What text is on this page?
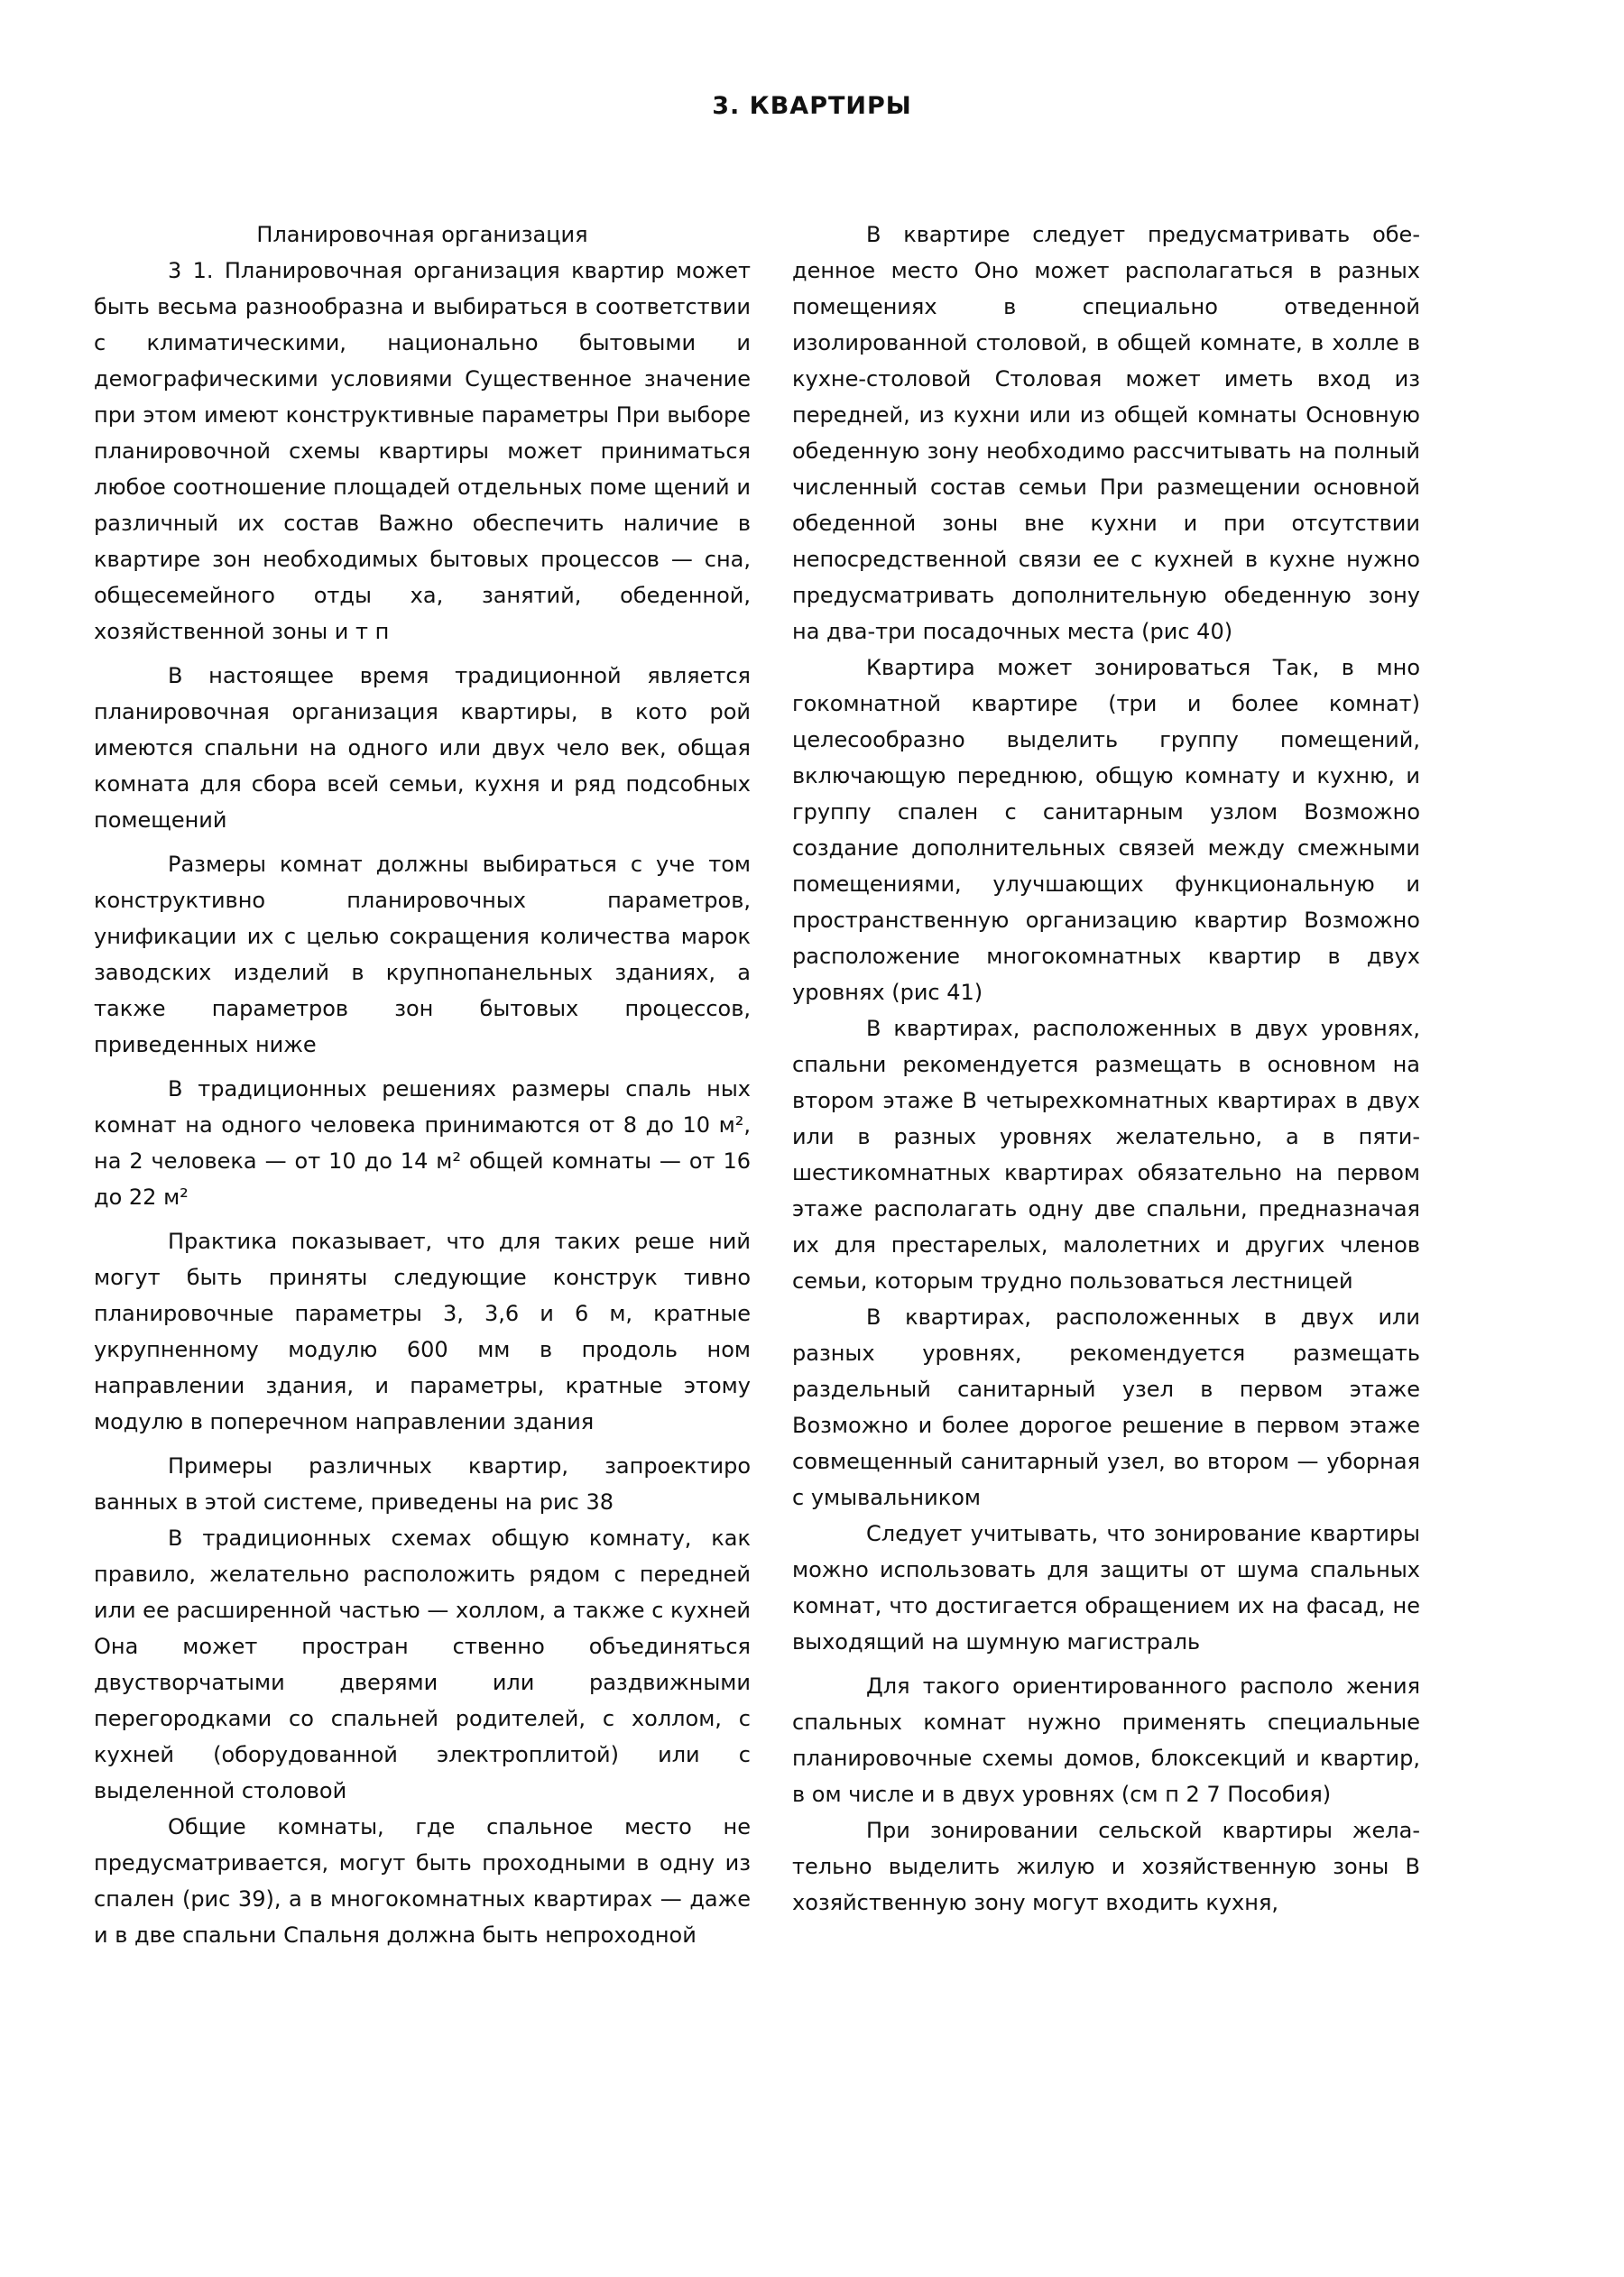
3. КВАРТИРЫ
Планировочная организация

3 1. Планировочная организация квартир может быть весьма разнообразна и выбираться в соответствии с климатическими, национально бытовыми и демографическими условиями Существенное значение при этом имеют конструктивные параметры При выборе планировочной схемы квартиры может приниматься любое соотношение площадей отдельных поме щений и различный их состав Важно обеспечить наличие в квартире зон необходимых бытовых процессов — сна, общесемейного отды ха, занятий, обеденной, хозяйственной зоны и т п

В настоящее время традиционной является планировочная организация квартиры, в кото рой имеются спальни на одного или двух чело век, общая комната для сбора всей семьи, кухня и ряд подсобных помещений

Размеры комнат должны выбираться с уче том конструктивно планировочных параметров, унификации их с целью сокращения количества марок заводских изделий в крупнопанельных зданиях, а также параметров зон бытовых процессов, приведенных ниже

В традиционных решениях размеры спаль ных комнат на одного человека принимаются от 8 до 10 м², на 2 человека — от 10 до 14 м² общей комнаты — от 16 до 22 м²

Практика показывает, что для таких реше ний могут быть приняты следующие конструк тивно планировочные параметры 3, 3,6 и 6 м, кратные укрупненному модулю 600 мм в продоль ном направлении здания, и параметры, кратные этому модулю в поперечном направлении здания

Примеры различных квартир, запроектиро ванных в этой системе, приведены на рис 38

В традиционных схемах общую комнату, как правило, желательно расположить рядом с передней или ее расширенной частью — холлом, а также с кухней Она может простран ственно объединяться двустворчатыми дверями или раздвижными перегородками со спальней родителей, с холлом, с кухней (оборудованной электроплитой) или с выделенной столовой

Общие комнаты, где спальное место не предусматривается, могут быть проходными в одну из спален (рис 39), а в многокомнатных квартирах — даже и в две спальни Спальня должна быть непроходной

В квартире следует предусматривать обеденное место Оно может располагаться в разных помещениях в специально отведенной изолированной столовой, в общей комнате, в холле в кухне-столовой Столовая может иметь вход из передней, из кухни или из общей комнаты Основную обеденную зону необходимо рассчитывать на полный численный состав семьи При размещении основной обеденной зоны вне кухни и при отсутствии непосредственной связи ее с кухней в кухне нужно предусматривать дополнительную обеденную зону на два-три посадочных места (рис 40)

Квартира может зонироваться Так, в мно гокомнатной квартире (три и более комнат) целесообразно выделить группу помещений, включающую переднюю, общую комнату и кухню, и группу спален с санитарным узлом Возможно создание дополнительных связей между смежными помещениями, улучшающих функциональную и пространственную организацию квартир Возможно расположение многокомнатных квартир в двух уровнях (рис 41)

В квартирах, расположенных в двух уровнях, спальни рекомендуется размещать в основном на втором этаже В четырехкомнатных квартирах в двух или в разных уровнях желательно, а в пяти-шестикомнатных квартирах обязательно на первом этаже располагать одну две спальни, предназначая их для престарелых, малолетних и других членов семьи, которым трудно пользоваться лестницей

В квартирах, расположенных в двух или разных уровнях, рекомендуется размещать раздельный санитарный узел в первом этаже Возможно и более дорогое решение в первом этаже совмещенный санитарный узел, во втором — уборная с умывальником

Следует учитывать, что зонирование квартиры можно использовать для защиты от шума спальных комнат, что достигается обращением их на фасад, не выходящий на шумную магистраль

Для такого ориентированного располо жения спальных комнат нужно применять специальные планировочные схемы домов, блоксекций и квартир, в ом числе и в двух уровнях (см п 2 7 Пособия)

При зонировании сельской квартиры желательно выделить жилую и хозяйственную зоны В хозяйственную зону могут входить кухня,
